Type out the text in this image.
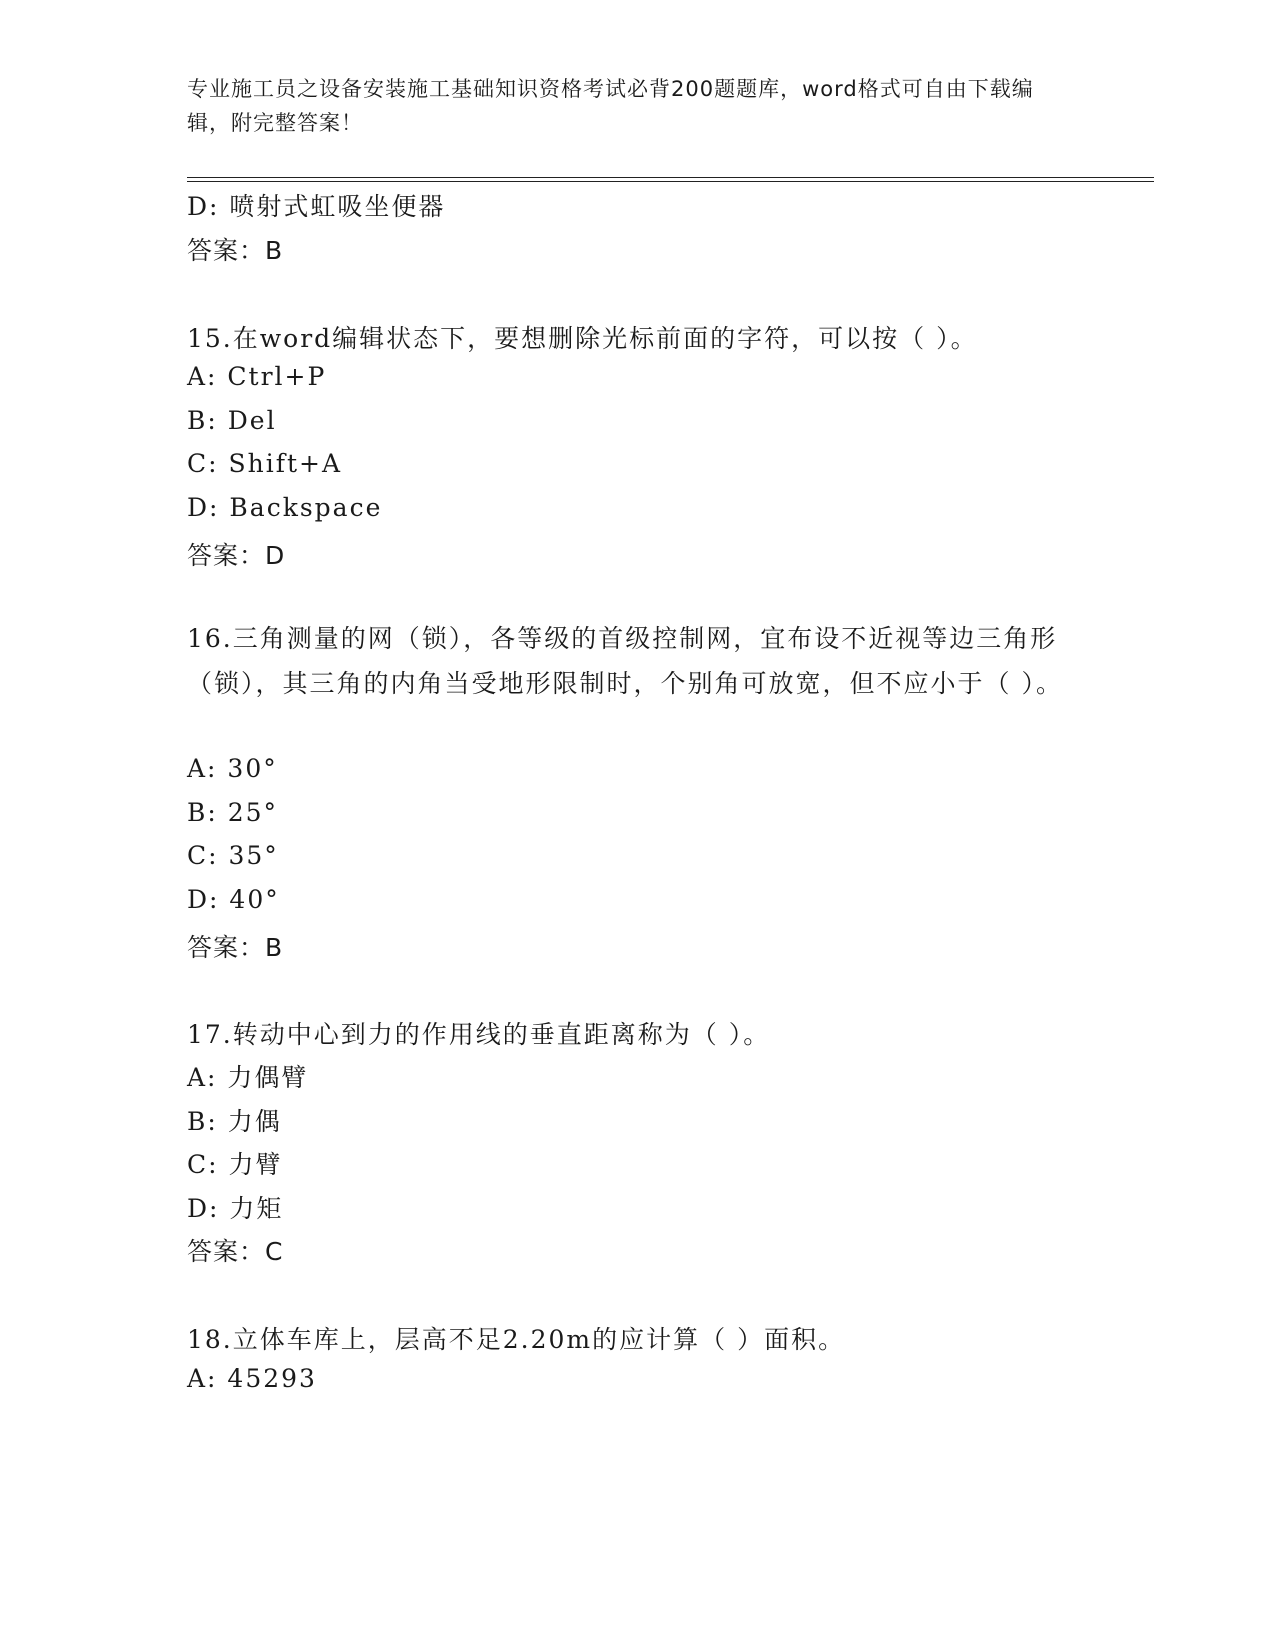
专业施工员之设备安装施工基础知识资格考试必背200题题库，word格式可自由下载编辑，附完整答案！
D: 喷射式虹吸坐便器
答案：B
15.在word编辑状态下，要想删除光标前面的字符，可以按（ ）。
A: Ctrl+P
B: Del
C: Shift+A
D: Backspace
答案：D
16.三角测量的网（锁），各等级的首级控制网，宜布设不近视等边三角形（锁），其三角的内角当受地形限制时，个别角可放宽，但不应小于（ ）。
A: 30°
B: 25°
C: 35°
D: 40°
答案：B
17.转动中心到力的作用线的垂直距离称为（ ）。
A: 力偶臂
B: 力偶
C: 力臂
D: 力矩
答案：C
18.立体车库上，层高不足2.20m的应计算（ ）面积。
A: 45293
